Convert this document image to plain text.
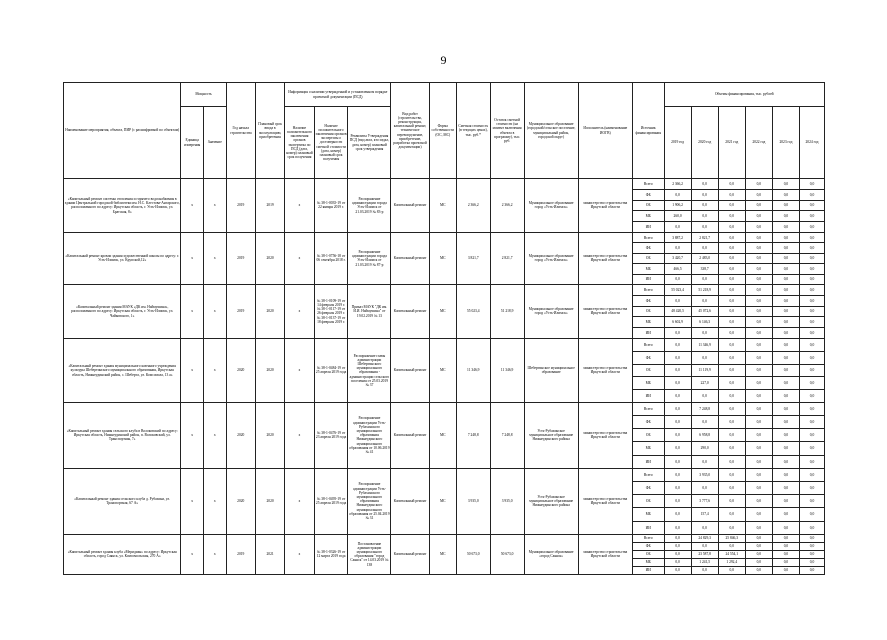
9
Наименование мероприятия, объекта, ПИР (с расшифровкой по объектам)	Мощность		Год начала строительства	Плановый срок ввода в эксплуатацию, приобретения	Информация о наличии утвержденной и установленном порядке проектной документации (ПСД)			Вид работ (строительство, реконструкция, капитальный ремонт, техническое перевооружение, приобретение, разработка проектной документации)	Форма собственности (ОС, МС)	Сметная стоимость (в текущих ценах), тыс. руб.*	Остаток сметной стоимости (на момент включения объекта в программу), тыс. руб.	Муниципальное образование (городской/сельское поселение, муниципальный район, городской округ)	Исполнитель (наименование ИОГВ)	Источник финансирования	Объемы финансирования, тыс. рублей					
	Единица измерения	Значение			Наличие положительного заключения органов экспертизы по ПСД (дата, номер) плановый срок получения	Наличие положительного заключения органов экспертизы о достоверности сметной стоимости (дата, номер) плановый срок получения	Реквизиты Утверждения ПСД (вид акта, кто издал, дата, номер) плановый срок утверждения								2019 год	2020 год	2021 год	2022 год	2023 год	2024 год
«Капитальный ремонт системы отопления и горячего водоснабжения в здании Центральной городской библиотеки им. Н.С. Клестова-Ангарского, расположенного по адресу: Иркутская область, г. Усть-Илимск, ул. Братская, 8»	х	х	2019	2019	х	№ 38-1-0035-19 от 22 января 2019 г.	Распоряжение администрации города Усть-Илимск от 21.03.2019 № 83-р	Капитальный ремонт	МС	2 366,2	2 366,2	Муниципальное образование город «Усть-Илимск»	министерство строительства Иркутской области	Всего	2 366,2	0,0	0,0	0,0	0,0	0,0
														ФБ	0,0	0,0	0,0	0,0	0,0	0,0
														ОБ	1 906,2	0,0	0,0	0,0	0,0	0,0
														МБ	260,0	0,0	0,0	0,0	0,0	0,0
														ИИ	0,0	0,0	0,0	0,0	0,0	0,0
«Капитальный ремонт кровли здания художественной школы по адресу: г. Усть-Илимск, ул. Крупской,12»	х	х	2019	2020	х	№ 38-1-0756-18 от 06 сентября 2018 г.	Распоряжение администрации города Усть-Илимск от 21.03.2019 № 87-р	Капитальный ремонт	МС	3 821,7	2 821,7	Муниципальное образование город «Усть-Илимск»	министерство строительства Иркутской области	Всего	3 887,2	2 821,7	0,0	0,0	0,0	0,0
														ФБ	0,0	0,0	0,0	0,0	0,0	0,0
														ОБ	3 420,7	2 483,0	0,0	0,0	0,0	0,0
														МБ	466,5	338,7	0,0	0,0	0,0	0,0
														ИИ	0,0	0,0	0,0	0,0	0,0	0,0
«Капитальный ремонт здания МАУК «ДК им. Наймушина», расположенного по адресу: Иркутская область, г. Усть-Илимск, ул. Чайковского, 1»	х	х	2019	2020	х	№ 38-1-0109-19 от 14 февраля 2019 г. № 38-1-0117-19 от 26 февраля 2019 г. № 38-1-0137-19 от 18 февраля 2019 г.	Приказ МАУК "ДК им. И.И. Наймушина" от 19.02.2019 № 13	Капитальный ремонт	МС	55 023,4	51 218,9	Муниципальное образование город «Усть-Илимск»	министерство строительства Иркутской области	Всего	55 023,4	51 218,9	0,0	0,0	0,0	0,0
														ФБ	0,0	0,0	0,0	0,0	0,0	0,0
														ОБ	48 420,5	45 072,6	0,0	0,0	0,0	0,0
														МБ	6 602,9	6 146,3	0,0	0,0	0,0	0,0
														ИИ	0,0	0,0	0,0	0,0	0,0	0,0
«Капитальный ремонт здания муниципального казенного учреждения культуры Шебертинского муниципального образования, Иркутская область, Нижнеудинский район, с. Шеберта, ул. Комсомола, 13 а»	х	х	2020	2020	х	№ 38-1-0484-19 от 25 апреля 2019 года	Распоряжение главы администрации Шебертинского муниципального образования - администрации сельского поселения от 25.03.2019 № 37	Капитальный ремонт	МС	11 346,9	11 346,9	Шебертинское муниципальное образование	министерство строительства Иркутской области	Всего	0,0	11 346,9	0,0	0,0	0,0	0,0
														ФБ	0,0	0,0	0,0	0,0	0,0	0,0
														ОБ	0,0	11 119,9	0,0	0,0	0,0	0,0
														МБ	0,0	227,0	0,0	0,0	0,0	0,0
														ИИ	0,0	0,0	0,0	0,0	0,0	0,0
«Капитальный ремонт здания сельского клуба в Волоковский по адресу: Иркутская область, Нижнеудинский район, п. Волоковский, ул. Транспортная, 7»	х	х	2020	2020	х	№ 38-1-0476-19 от 23 апреля 2019 года	Распоряжение администрации Усть-Рубахинского муниципального образования Нижнеудинского муниципального образования от 10.06.2019 № 41	Капитальный ремонт	МС	7 248,8	7 248,8	Усть-Рубахинское муниципальное образование Нижнеудинского района	министерство строительства Иркутской области	Всего	0,0	7 248,8	0,0	0,0	0,0	0,0
														ФБ	0,0	0,0	0,0	0,0	0,0	0,0
														ОБ	0,0	6 958,8	0,0	0,0	0,0	0,0
														МБ	0,0	290,0	0,0	0,0	0,0	0,0
														ИИ	0,0	0,0	0,0	0,0	0,0	0,0
«Капитальный ремонт здания сельского клуба д. Рубахина, ул. Транспортная, 67 А»	х	х	2020	2020	х	№ 38-1-0495-19 от 25 апреля 2019 года	Распоряжение администрации Усть-Рубахинского муниципального образования Нижнеудинского муниципального образования от 25.04.2019 № 31	Капитальный ремонт	МС	3 935,0	3 935,0	Усть-Рубахинское муниципальное образование Нижнеудинского района	министерство строительства Иркутской области	Всего	0,0	3 935,0	0,0	0,0	0,0	0,0
														ФБ	0,0	0,0	0,0	0,0	0,0	0,0
														ОБ	0,0	3 777,6	0,0	0,0	0,0	0,0
														МБ	0,0	157,4	0,0	0,0	0,0	0,0
														ИИ	0,0	0,0	0,0	0,0	0,0	0,0
«Капитальный ремонт здания клуба «Меридиан» по адресу: Иркутская область, город Саянск, ул. Комсомольская, 270 А»	х	х	2019	2021	х	№ 38-1-0326-19 от 12 марта 2019 года	Постановление администрации муниципального образования "город Саянск" от 14.03.2019 № 138	Капитальный ремонт	МС	50 673,0	50 673,0	Муниципальное образование «город Саянск»	министерство строительства Иркутской области	Всего	0,0	24 829,3	25 846,3	0,0	0,0	0,0
														ФБ	0,0	0,0	0,0	0,0	0,0	0,0
														ОБ	0,0	23 587,8	24 554,1	0,0	0,0	0,0
														МБ	0,0	1 241,5	1 292,4	0,0	0,0	0,0
														ИИ	0,0	0,0	0,0	0,0	0,0	0,0
